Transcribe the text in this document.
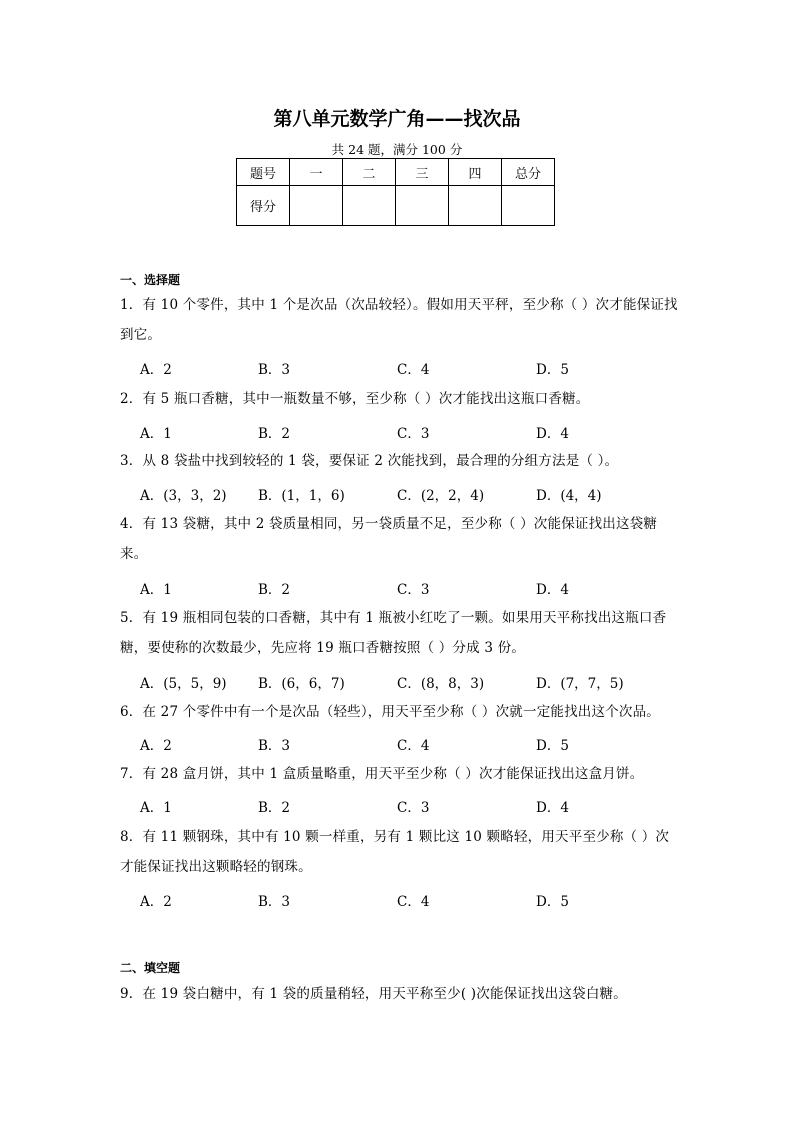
第八单元数学广角——找次品
共 24 题，满分 100 分
题号	一	二	三	四	总分
得分					
一、选择题
1．有 10 个零件，其中 1 个是次品（次品较轻）。假如用天平秤，至少称（ ）次才能保证找到它。
A．2	B．3	C．4	D．5
2．有 5 瓶口香糖，其中一瓶数量不够，至少称（ ）次才能找出这瓶口香糖。
A．1	B．2	C．3	D．4
3．从 8 袋盐中找到较轻的 1 袋，要保证 2 次能找到，最合理的分组方法是（ ）。
A．(3，3，2) B．(1，1，6)	C．(2，2，4)	D．(4，4)
4．有 13 袋糖，其中 2 袋质量相同，另一袋质量不足，至少称（ ）次能保证找出这袋糖来。
A．1	B．2	C．3	D．4
5．有 19 瓶相同包装的口香糖，其中有 1 瓶被小红吃了一颗。如果用天平称找出这瓶口香糖，要使称的次数最少，先应将 19 瓶口香糖按照（ ）分成 3 份。
A．(5，5，9) B．(6，6，7)	C．(8，8，3)	D．(7，7，5)
6．在 27 个零件中有一个是次品（轻些），用天平至少称（ ）次就一定能找出这个次品。
A．2	B．3	C．4	D．5
7．有 28 盒月饼，其中 1 盒质量略重，用天平至少称（ ）次才能保证找出这盒月饼。
A．1	B．2	C．3	D．4
8．有 11 颗钢珠，其中有 10 颗一样重，另有 1 颗比这 10 颗略轻，用天平至少称（ ）次才能保证找出这颗略轻的钢珠。
A．2	B．3	C．4	D．5
二、填空题
9．在 19 袋白糖中，有 1 袋的质量稍轻，用天平称至少( )次能保证找出这袋白糖。
